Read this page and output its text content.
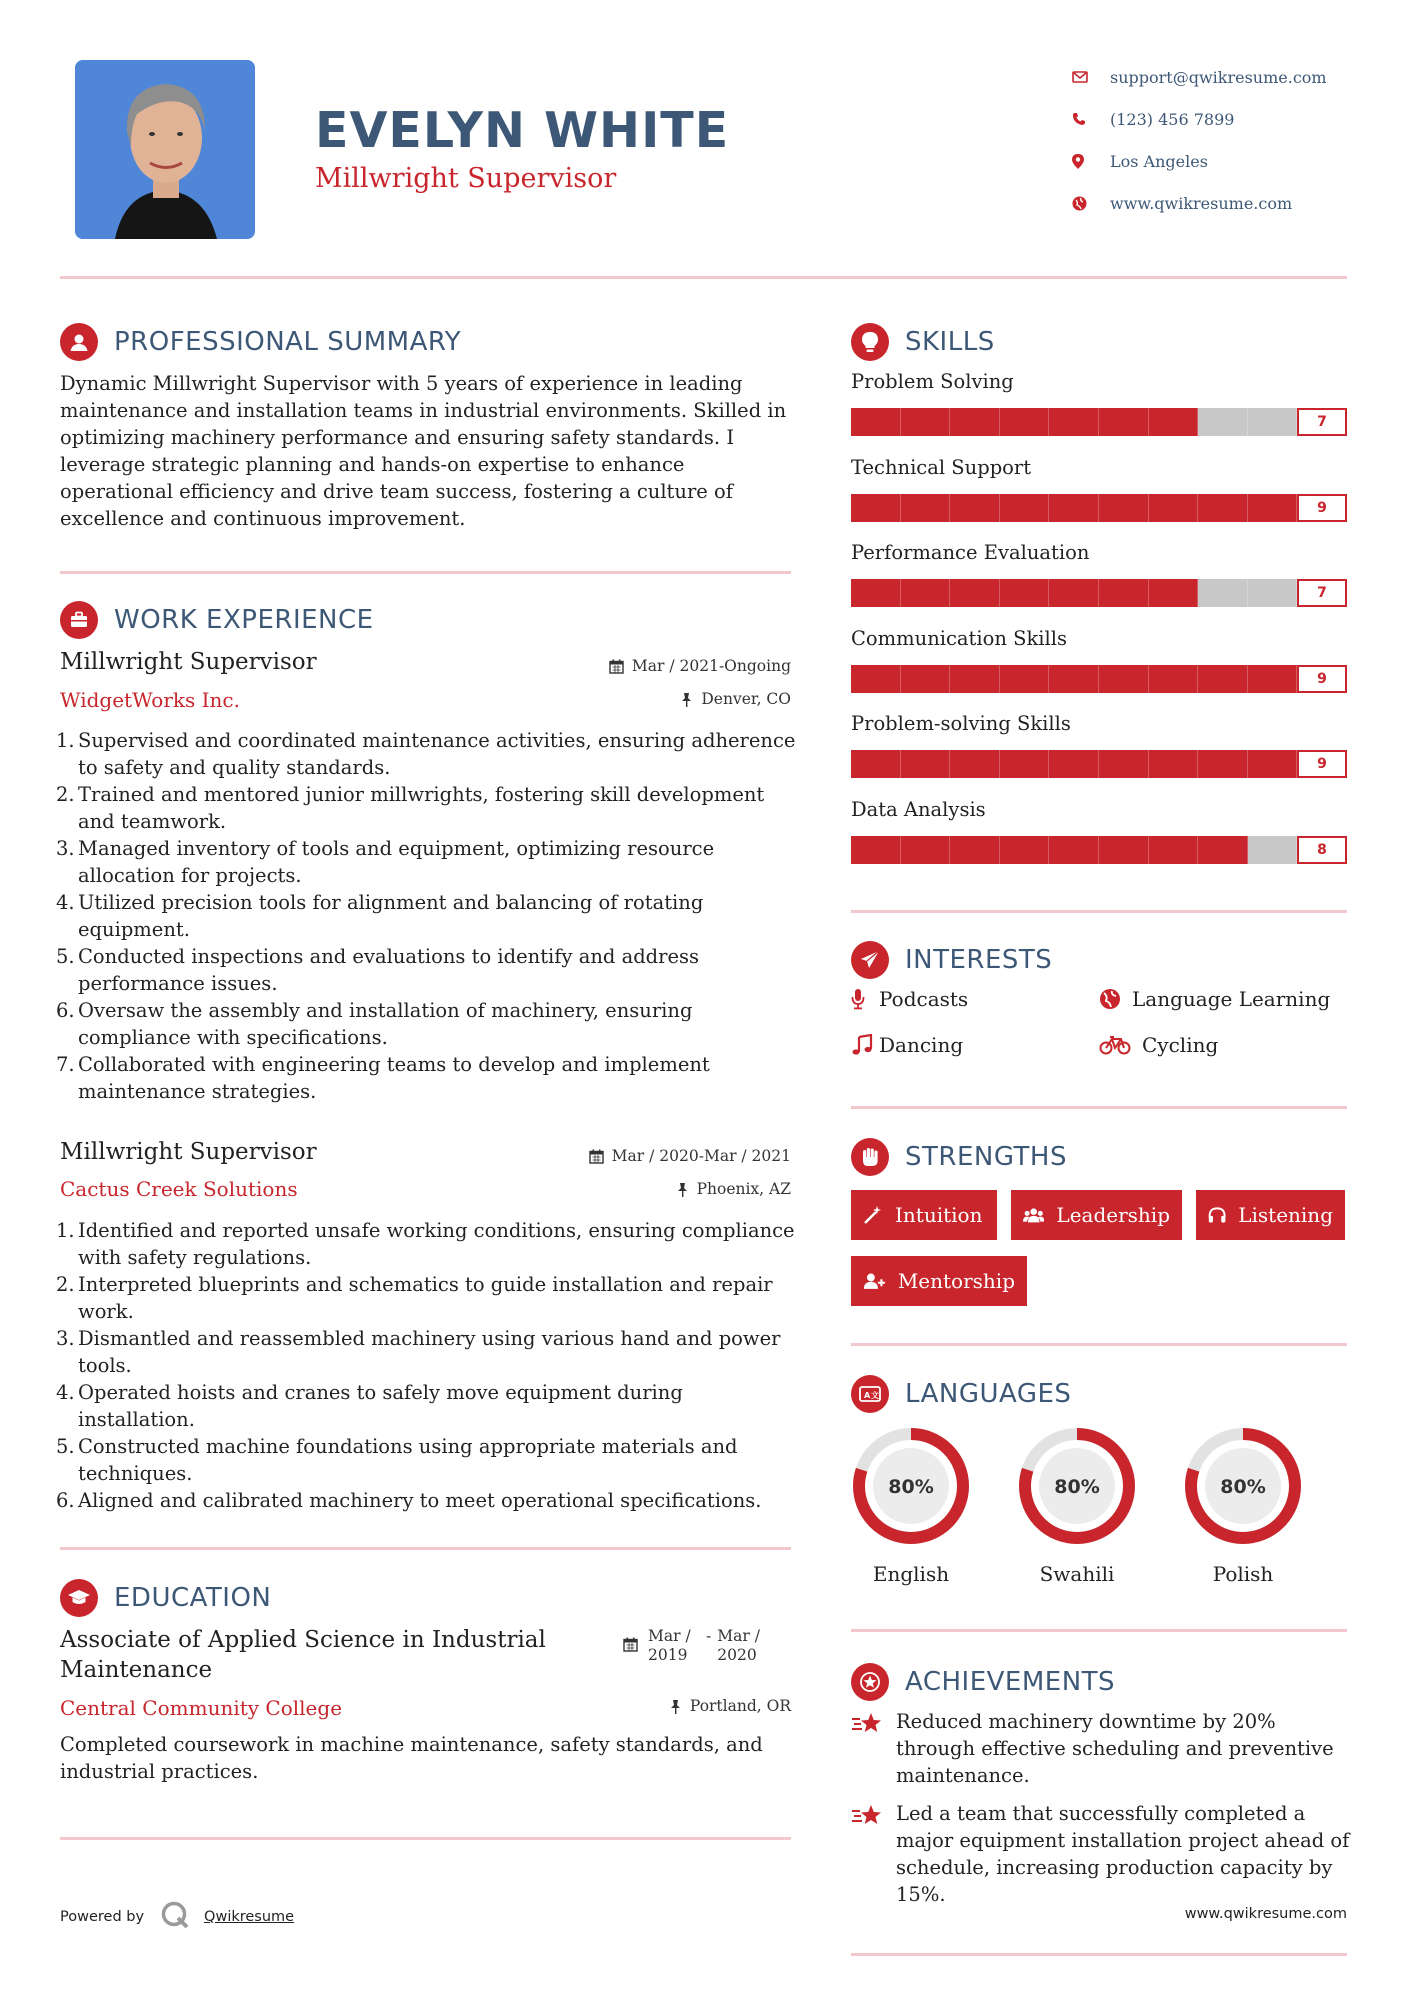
EVELYN WHITE
Millwright Supervisor
support@qwikresume.com
(123) 456 7899
Los Angeles
www.qwikresume.com
PROFESSIONAL SUMMARY
Dynamic Millwright Supervisor with 5 years of experience in leading maintenance and installation teams in industrial environments. Skilled in optimizing machinery performance and ensuring safety standards. I leverage strategic planning and hands-on expertise to enhance operational efficiency and drive team success, fostering a culture of excellence and continuous improvement.
WORK EXPERIENCE
Millwright Supervisor
WidgetWorks Inc.
Mar / 2021-Ongoing
Denver, CO
1. Supervised and coordinated maintenance activities, ensuring adherence to safety and quality standards.
2. Trained and mentored junior millwrights, fostering skill development and teamwork.
3. Managed inventory of tools and equipment, optimizing resource allocation for projects.
4. Utilized precision tools for alignment and balancing of rotating equipment.
5. Conducted inspections and evaluations to identify and address performance issues.
6. Oversaw the assembly and installation of machinery, ensuring compliance with specifications.
7. Collaborated with engineering teams to develop and implement maintenance strategies.
Millwright Supervisor
Cactus Creek Solutions
Mar / 2020-Mar / 2021
Phoenix, AZ
1. Identified and reported unsafe working conditions, ensuring compliance with safety regulations.
2. Interpreted blueprints and schematics to guide installation and repair work.
3. Dismantled and reassembled machinery using various hand and power tools.
4. Operated hoists and cranes to safely move equipment during installation.
5. Constructed machine foundations using appropriate materials and techniques.
6. Aligned and calibrated machinery to meet operational specifications.
EDUCATION
Associate of Applied Science in Industrial Maintenance
Central Community College
Mar / 2019
- Mar / 2020
Portland, OR
Completed coursework in machine maintenance, safety standards, and industrial practices.
SKILLS
Problem Solving
7
Technical Support
9
Performance Evaluation
7
Communication Skills
9
Problem-solving Skills
9
Data Analysis
8
INTERESTS
Podcasts	Language Learning
Dancing	Cycling
STRENGTHS
Intuition	Leadership	Listening
Mentorship
A 文 LANGUAGES
80%
English
80%
Swahili
80%
Polish
ACHIEVEMENTS
Reduced machinery downtime by 20% through effective scheduling and preventive maintenance.
Led a team that successfully completed a major equipment installation project ahead of schedule, increasing production capacity by 15%.
Powered by	Qwikresume	www.qwikresume.com
